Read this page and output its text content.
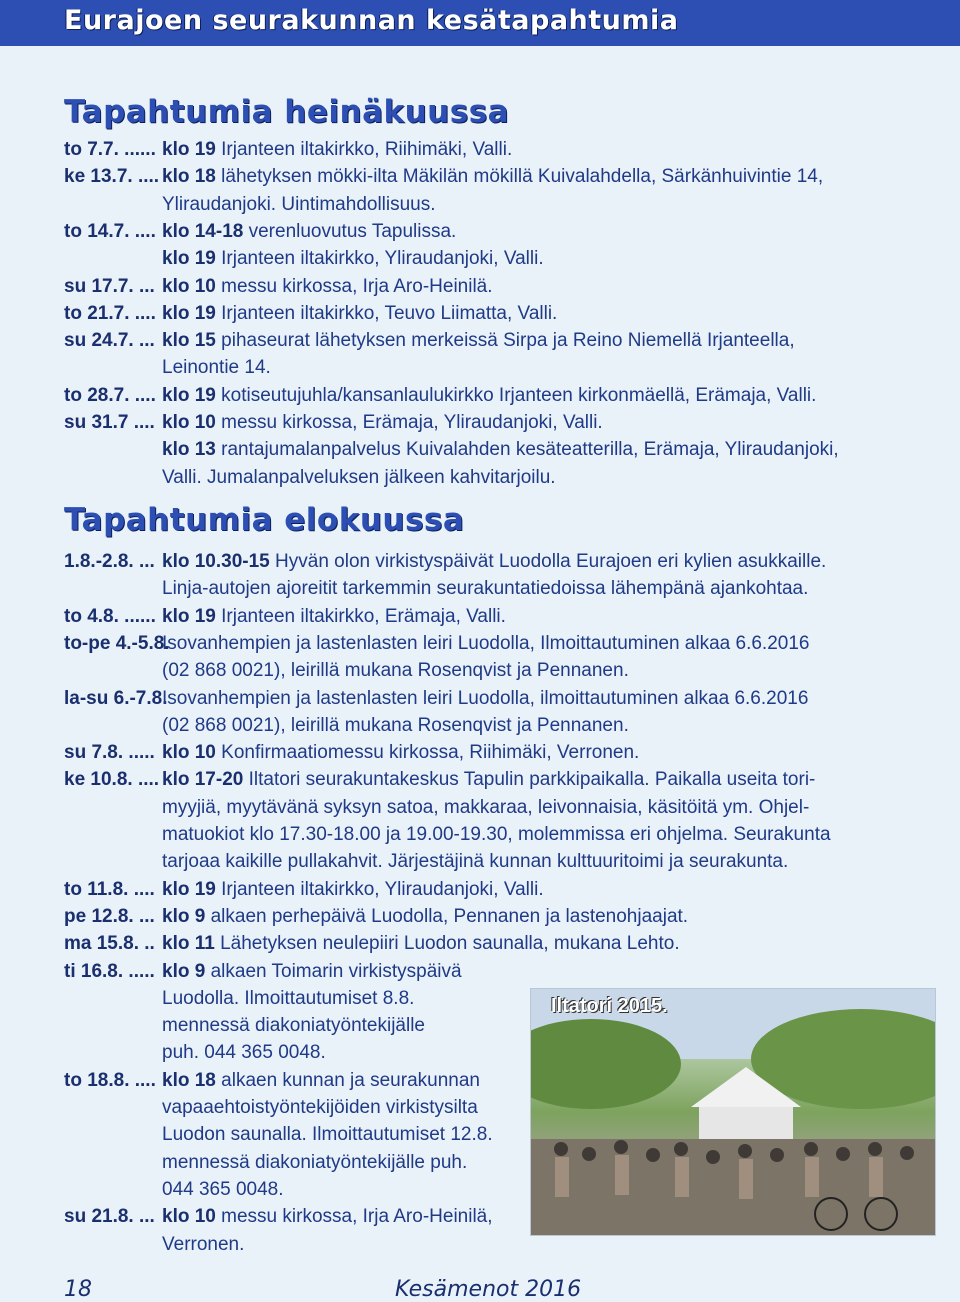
Eurajoen seurakunnan kesätapahtumia
Tapahtumia heinäkuussa
to 7.7. ...... klo 19 Irjanteen iltakirkko, Riihimäki, Valli.
ke 13.7. .... klo 18 lähetyksen mökki-ilta Mäkilän mökillä Kuivalahdella, Särkänhuivintie 14,
Yliraudanjoki. Uintimahdollisuus.
to 14.7. .... klo 14-18 verenluovutus Tapulissa.
klo 19 Irjanteen iltakirkko, Yliraudanjoki, Valli.
su 17.7. ... klo 10 messu kirkossa, Irja Aro-Heinilä.
to 21.7. .... klo 19 Irjanteen iltakirkko, Teuvo Liimatta, Valli.
su 24.7. ... klo 15 pihaseurat lähetyksen merkeissä Sirpa ja Reino Niemellä Irjanteella,
Leinontie 14.
to 28.7. .... klo 19 kotiseutujuhla/kansanlaulukirkko Irjanteen kirkonmäellä, Erämaja, Valli.
su 31.7 .... klo 10 messu kirkossa, Erämaja, Yliraudanjoki, Valli.
klo 13 rantajumalanpalvelus Kuivalahden kesäteatterilla, Erämaja, Yliraudanjoki,
Valli. Jumalanpalveluksen jälkeen kahvitarjoilu.
Tapahtumia elokuussa
1.8.-2.8. ... klo 10.30-15 Hyvän olon virkistyspäivät Luodolla Eurajoen eri kylien asukkaille.
Linja-autojen ajoreitit tarkemmin seurakuntatiedoissa lähempänä ajankohtaa.
to 4.8. ...... klo 19 Irjanteen iltakirkko, Erämaja, Valli.
to-pe 4.-5.8.
Isovanhempien ja lastenlasten leiri Luodolla, Ilmoittautuminen alkaa 6.6.2016
(02 868 0021), leirillä mukana Rosenqvist ja Pennanen.
la-su 6.-7.8.
Isovanhempien ja lastenlasten leiri Luodolla, ilmoittautuminen alkaa 6.6.2016
(02 868 0021), leirillä mukana Rosenqvist ja Pennanen.
su 7.8. ..... klo 10 Konfirmaatiomessu kirkossa, Riihimäki, Verronen.
ke 10.8. .... klo 17-20 Iltatori seurakuntakeskus Tapulin parkkipaikalla. Paikalla useita tori-
myyjiä, myytävänä syksyn satoa, makkaraa, leivonnaisia, käsitöitä ym. Ohjel-
matuokiot klo 17.30-18.00 ja 19.00-19.30, molemmissa eri ohjelma. Seurakunta
tarjoaa kaikille pullakahvit. Järjestäjinä kunnan kulttuuritoimi ja seurakunta.
to 11.8. .... klo 19 Irjanteen iltakirkko, Yliraudanjoki, Valli.
pe 12.8. ... klo 9 alkaen perhepäivä Luodolla, Pennanen ja lastenohjaajat.
ma 15.8. .. klo 11 Lähetyksen neulepiiri Luodon saunalla, mukana Lehto.
ti 16.8. ..... klo 9 alkaen Toimarin virkistyspäivä
Luodolla. Ilmoittautumiset 8.8.
mennessä diakoniatyöntekijälle
puh. 044 365 0048.
to 18.8. .... klo 18 alkaen kunnan ja seurakunnan
vapaaehtoistyöntekijöiden virkistysilta
Luodon saunalla. Ilmoittautumiset 12.8.
mennessä diakoniatyöntekijälle puh.
044 365 0048.
su 21.8. ... klo 10 messu kirkossa, Irja Aro-Heinilä,
Verronen.
Iltatori 2015.
18	Kesämenot 2016
